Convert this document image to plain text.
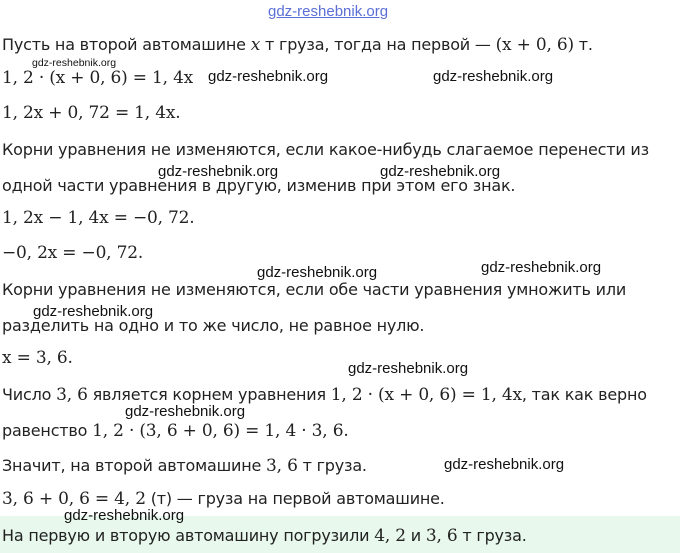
gdz-reshebnik.org
Пусть на второй автомашине x т груза, тогда на первой — (x + 0, 6) т.
1, 2 · (x + 0, 6) = 1, 4x
1, 2x + 0, 72 = 1, 4x.
Корни уравнения не изменяются, если какое-нибудь слагаемое перенести из
одной части уравнения в другую, изменив при этом его знак.
1, 2x − 1, 4x = −0, 72.
−0, 2x = −0, 72.
Корни уравнения не изменяются, если обе части уравнения умножить или
разделить на одно и то же число, не равное нулю.
x = 3, 6.
Число 3, 6 является корнем уравнения 1, 2 · (x + 0, 6) = 1, 4x, так как верно
равенство 1, 2 · (3, 6 + 0, 6) = 1, 4 · 3, 6.
Значит, на второй автомашине 3, 6 т груза.
3, 6 + 0, 6 = 4, 2 (т) — груза на первой автомашине.
На первую и вторую автомашину погрузили 4, 2 и 3, 6 т груза.
gdz-reshebnik.org
gdz-reshebnik.org	gdz-reshebnik.org
gdz-reshebnik.org	gdz-reshebnik.org
gdz-reshebnik.org	gdz-reshebnik.org
gdz-reshebnik.org
gdz-reshebnik.org
gdz-reshebnik.org
gdz-reshebnik.org
gdz-reshebnik.org
